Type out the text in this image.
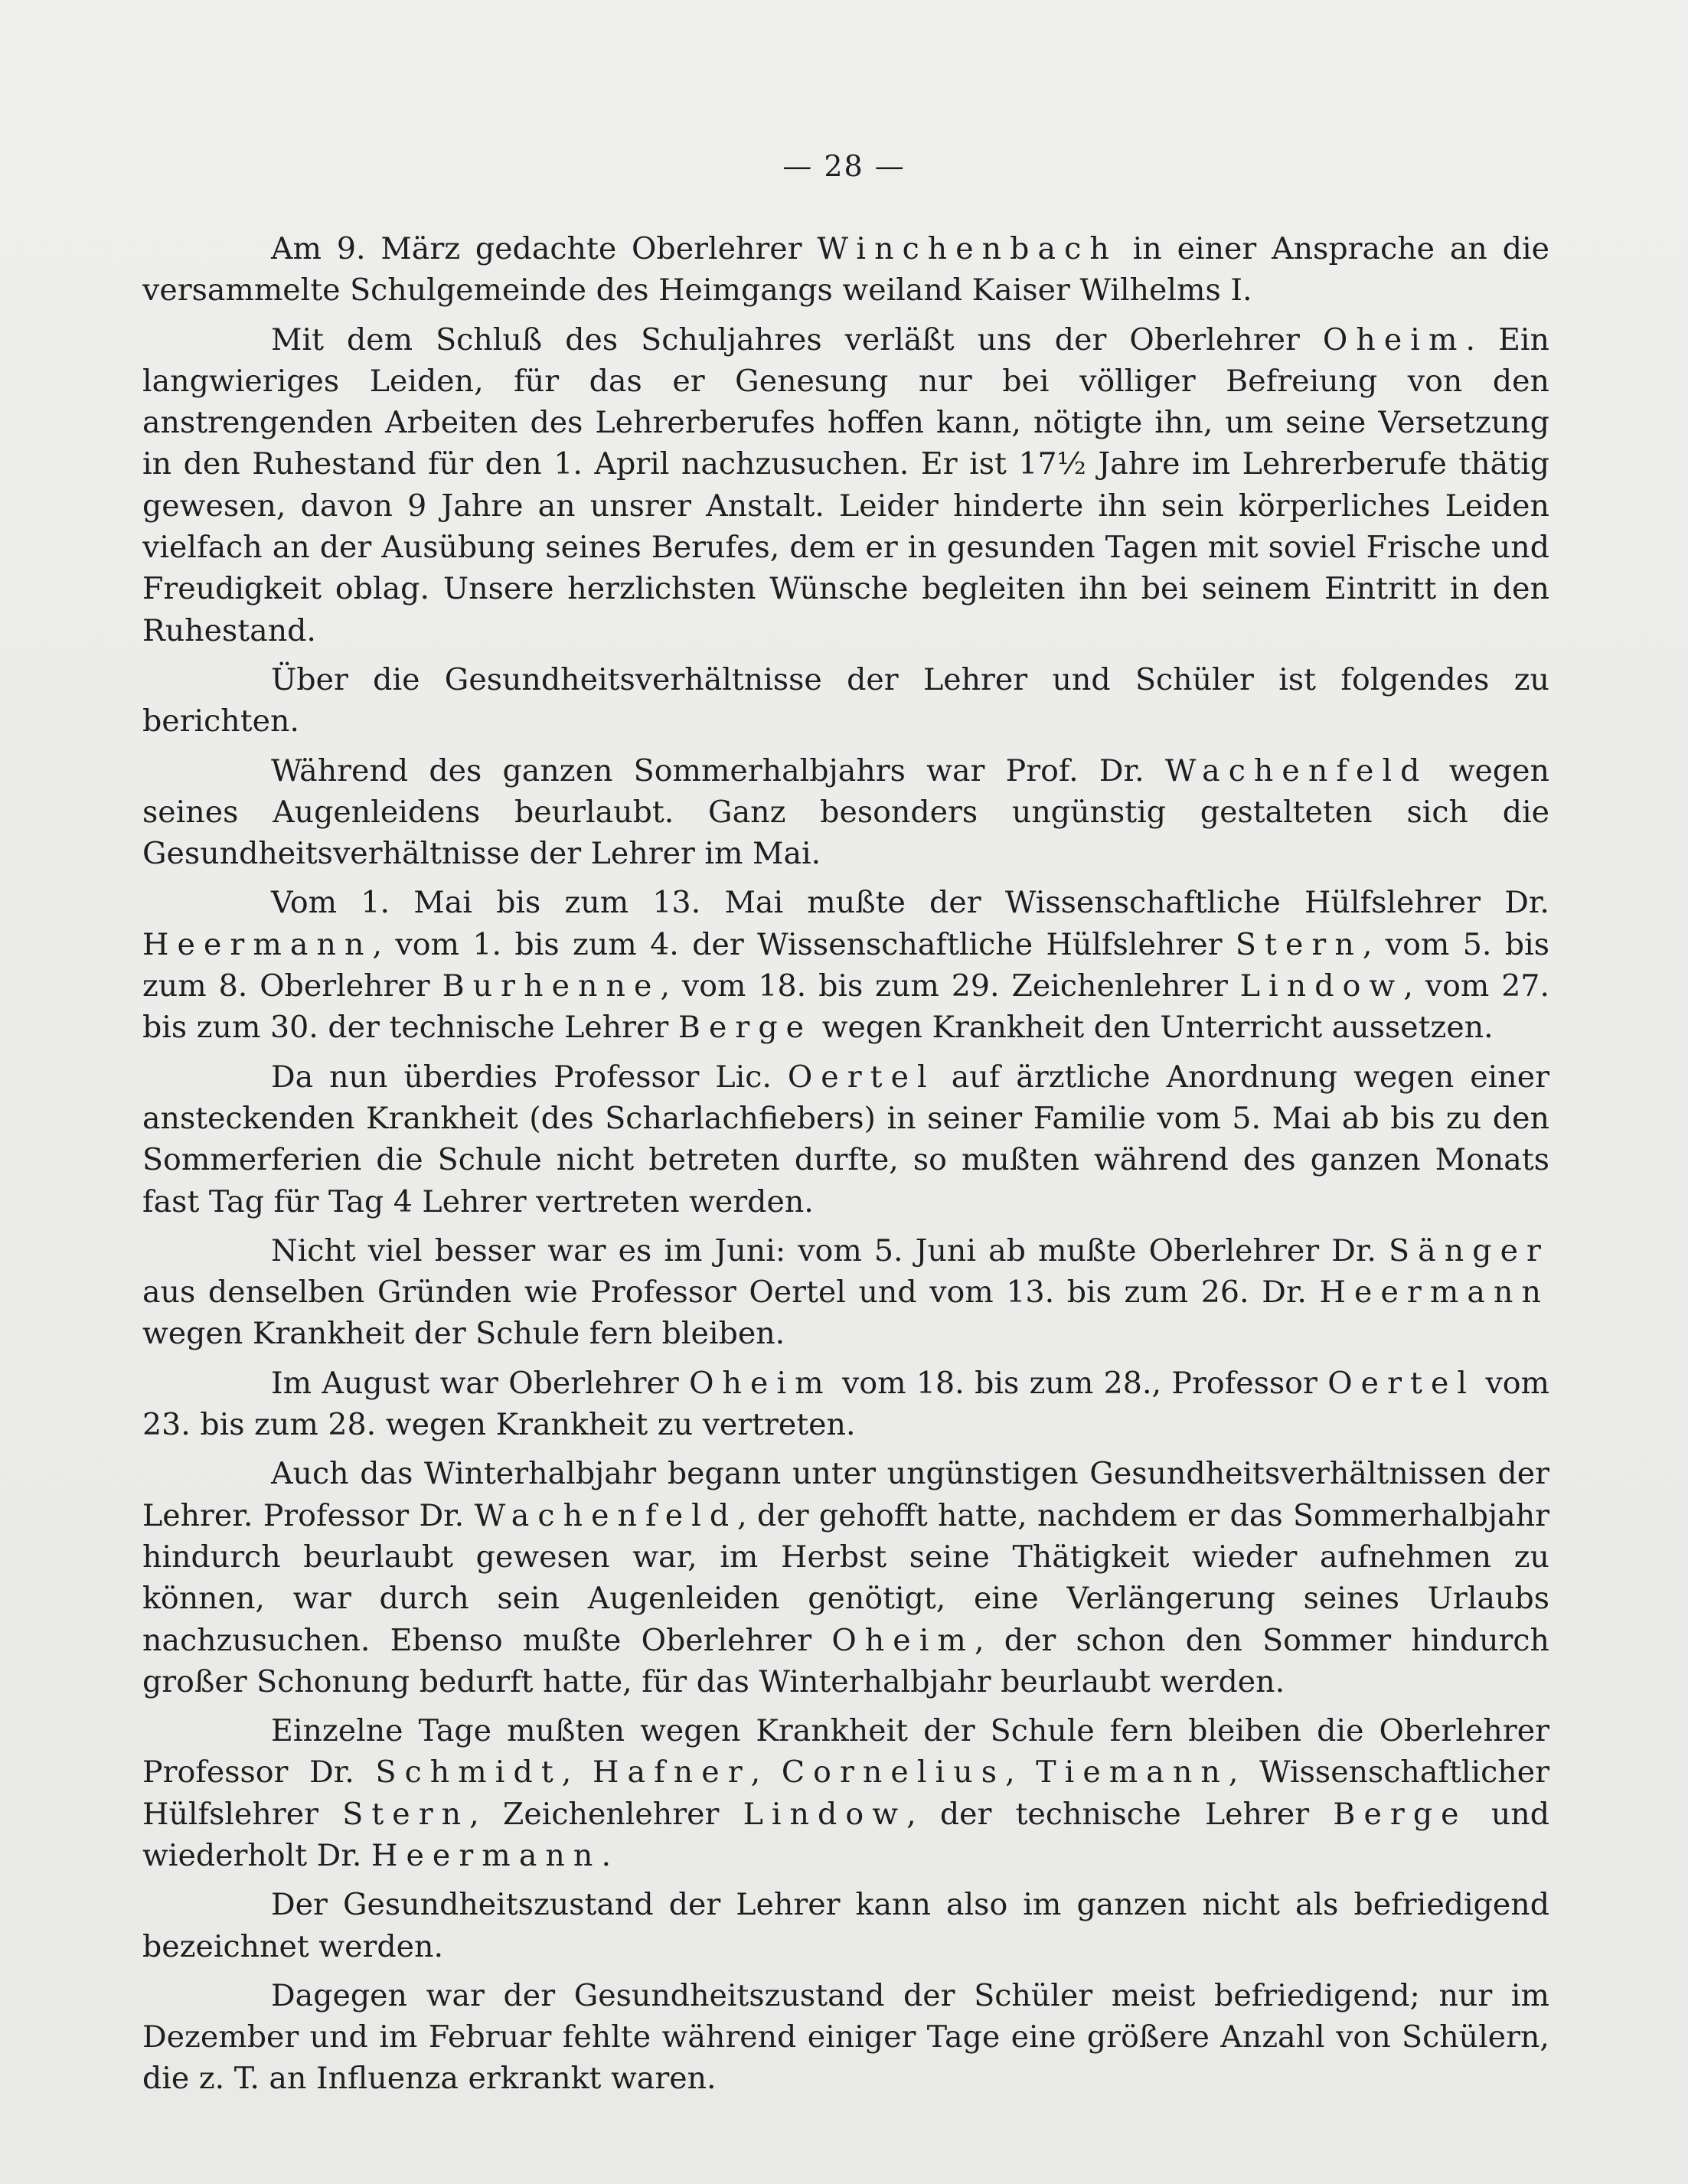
— 28 —

Am 9. März gedachte Oberlehrer Winchenbach in einer Ansprache an die versammelte Schulgemeinde des Heimgangs weiland Kaiser Wilhelms I.

Mit dem Schluß des Schuljahres verläßt uns der Oberlehrer Oheim. Ein langwieriges Leiden, für das er Genesung nur bei völliger Befreiung von den anstrengenden Arbeiten des Lehrerberufes hoffen kann, nötigte ihn, um seine Versetzung in den Ruhestand für den 1. April nachzusuchen. Er ist 17½ Jahre im Lehrerberufe thätig gewesen, davon 9 Jahre an unsrer Anstalt. Leider hinderte ihn sein körperliches Leiden vielfach an der Ausübung seines Berufes, dem er in gesunden Tagen mit soviel Frische und Freudigkeit oblag. Unsere herzlichsten Wünsche begleiten ihn bei seinem Eintritt in den Ruhestand.

Über die Gesundheitsverhältnisse der Lehrer und Schüler ist folgendes zu berichten.

Während des ganzen Sommerhalbjahrs war Prof. Dr. Wachenfeld wegen seines Augenleidens beurlaubt. Ganz besonders ungünstig gestalteten sich die Gesundheitsverhältnisse der Lehrer im Mai.

Vom 1. Mai bis zum 13. Mai mußte der Wissenschaftliche Hülfslehrer Dr. Heermann, vom 1. bis zum 4. der Wissenschaftliche Hülfslehrer Stern, vom 5. bis zum 8. Oberlehrer Burhenne, vom 18. bis zum 29. Zeichenlehrer Lindow, vom 27. bis zum 30. der technische Lehrer Berge wegen Krankheit den Unterricht aussetzen.

Da nun überdies Professor Lic. Oertel auf ärztliche Anordnung wegen einer ansteckenden Krankheit (des Scharlachfiebers) in seiner Familie vom 5. Mai ab bis zu den Sommerferien die Schule nicht betreten durfte, so mußten während des ganzen Monats fast Tag für Tag 4 Lehrer vertreten werden.

Nicht viel besser war es im Juni: vom 5. Juni ab mußte Oberlehrer Dr. Sänger aus denselben Gründen wie Professor Oertel und vom 13. bis zum 26. Dr. Heermann wegen Krankheit der Schule fern bleiben.

Im August war Oberlehrer Oheim vom 18. bis zum 28., Professor Oertel vom 23. bis zum 28. wegen Krankheit zu vertreten.

Auch das Winterhalbjahr begann unter ungünstigen Gesundheitsverhältnissen der Lehrer. Professor Dr. Wachenfeld, der gehofft hatte, nachdem er das Sommerhalbjahr hindurch beurlaubt gewesen war, im Herbst seine Thätigkeit wieder aufnehmen zu können, war durch sein Augenleiden genötigt, eine Verlängerung seines Urlaubs nachzusuchen. Ebenso mußte Oberlehrer Oheim, der schon den Sommer hindurch großer Schonung bedurft hatte, für das Winterhalbjahr beurlaubt werden.

Einzelne Tage mußten wegen Krankheit der Schule fern bleiben die Oberlehrer Professor Dr. Schmidt, Hafner, Cornelius, Tiemann, Wissenschaftlicher Hülfslehrer Stern, Zeichenlehrer Lindow, der technische Lehrer Berge und wiederholt Dr. Heermann.

Der Gesundheitszustand der Lehrer kann also im ganzen nicht als befriedigend bezeichnet werden.

Dagegen war der Gesundheitszustand der Schüler meist befriedigend; nur im Dezember und im Februar fehlte während einiger Tage eine größere Anzahl von Schülern, die z. T. an Influenza erkrankt waren.
